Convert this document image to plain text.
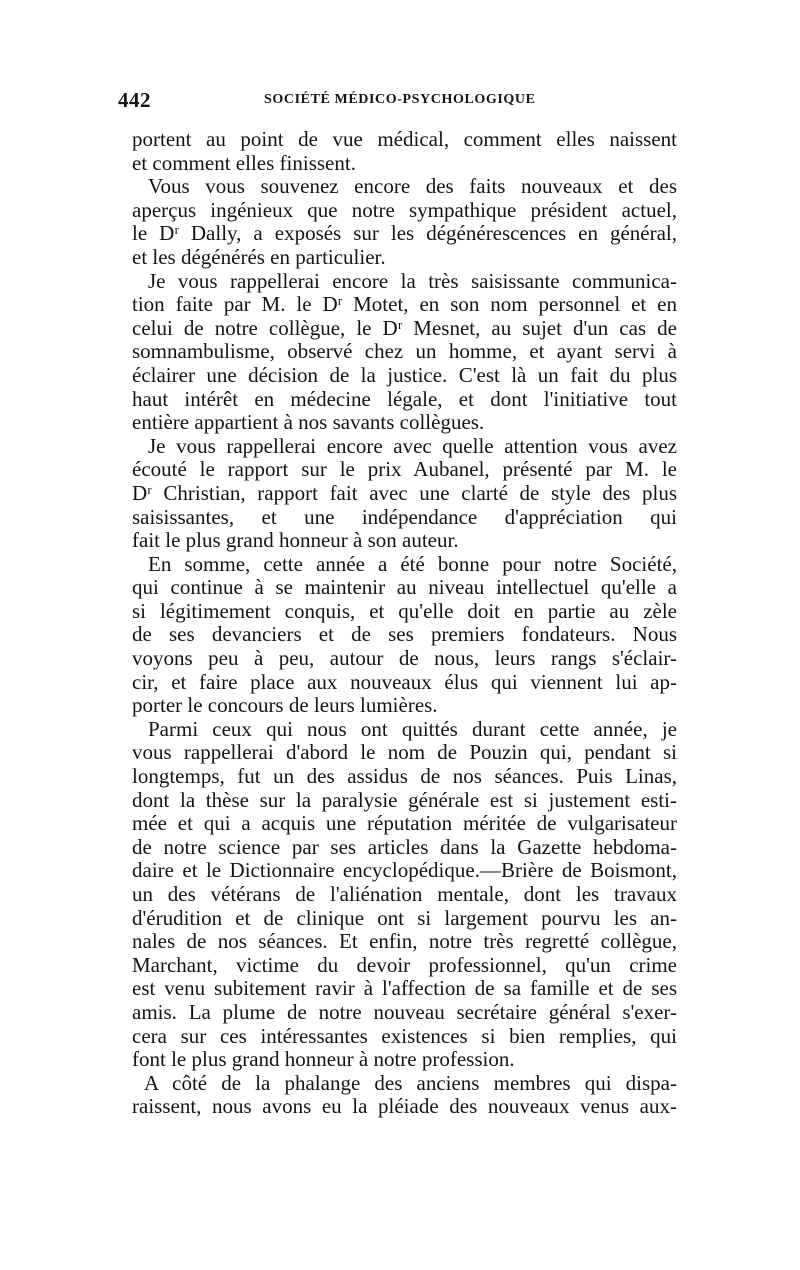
442	SOCIÉTÉ MÉDICO-PSYCHOLOGIQUE
portent au point de vue médical, comment elles naissent
et comment elles finissent.
Vous vous souvenez encore des faits nouveaux et des
aperçus ingénieux que notre sympathique président actuel,
le Dʳ Dally, a exposés sur les dégénérescences en général,
et les dégénérés en particulier.
Je vous rappellerai encore la très saisissante communica-
tion faite par M. le Dʳ Motet, en son nom personnel et en
celui de notre collègue, le Dʳ Mesnet, au sujet d'un cas de
somnambulisme, observé chez un homme, et ayant servi à
éclairer une décision de la justice. C'est là un fait du plus
haut intérêt en médecine légale, et dont l'initiative tout
entière appartient à nos savants collègues.
Je vous rappellerai encore avec quelle attention vous avez
écouté le rapport sur le prix Aubanel, présenté par M. le
Dʳ Christian, rapport fait avec une clarté de style des plus
saisissantes, et une indépendance d'appréciation qui
fait le plus grand honneur à son auteur.
En somme, cette année a été bonne pour notre Société,
qui continue à se maintenir au niveau intellectuel qu'elle a
si légitimement conquis, et qu'elle doit en partie au zèle
de ses devanciers et de ses premiers fondateurs. Nous
voyons peu à peu, autour de nous, leurs rangs s'éclair-
cir, et faire place aux nouveaux élus qui viennent lui ap-
porter le concours de leurs lumières.
Parmi ceux qui nous ont quittés durant cette année, je
vous rappellerai d'abord le nom de Pouzin qui, pendant si
longtemps, fut un des assidus de nos séances. Puis Linas,
dont la thèse sur la paralysie générale est si justement esti-
mée et qui a acquis une réputation méritée de vulgarisateur
de notre science par ses articles dans la Gazette hebdoma-
daire et le Dictionnaire encyclopédique.—Brière de Boismont,
un des vétérans de l'aliénation mentale, dont les travaux
d'érudition et de clinique ont si largement pourvu les an-
nales de nos séances. Et enfin, notre très regretté collègue,
Marchant, victime du devoir professionnel, qu'un crime
est venu subitement ravir à l'affection de sa famille et de ses
amis. La plume de notre nouveau secrétaire général s'exer-
cera sur ces intéressantes existences si bien remplies, qui
font le plus grand honneur à notre profession.
A côté de la phalange des anciens membres qui dispa-
raissent, nous avons eu la pléiade des nouveaux venus aux-
